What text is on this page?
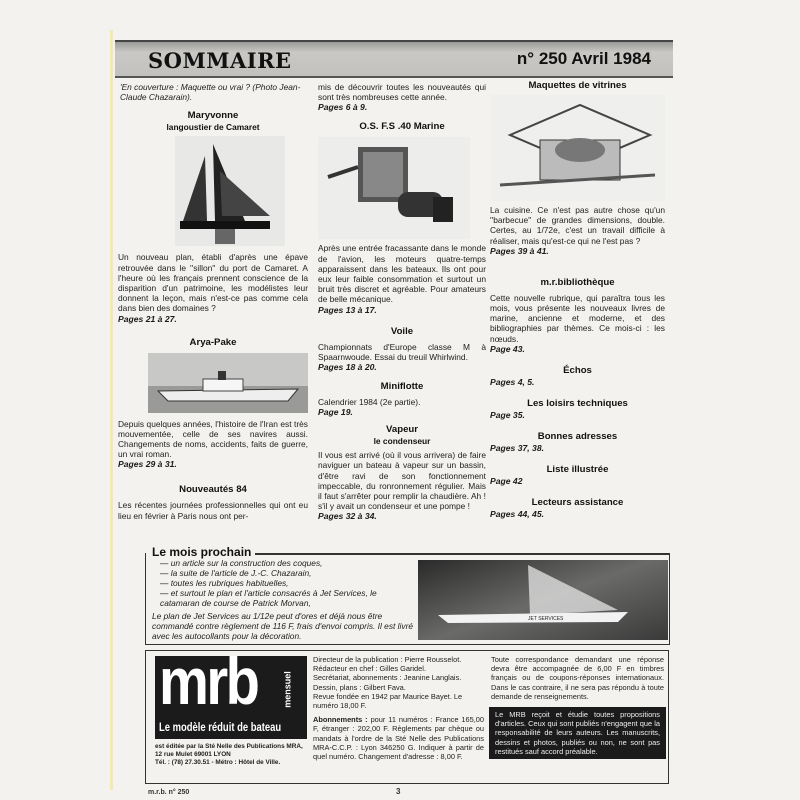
SOMMAIRE	n° 250 Avril 1984
'En couverture : Maquette ou vrai ? (Photo Jean-Claude Chazarain).
Maryvonne
langoustier de Camaret
Un nouveau plan, établi d'après une épave retrouvée dans le ''sillon'' du port de Camaret. A l'heure où les français prennent conscience de la disparition d'un patrimoine, les modélistes leur donnent la leçon, mais n'est-ce pas comme cela dans bien des domaines ?
Pages 21 à 27.
Arya-Pake
Depuis quelques années, l'histoire de l'Iran est très mouvementée, celle de ses navires aussi. Changements de noms, accidents, faits de guerre, un vrai roman.
Pages 29 à 31.
Nouveautés 84
Les récentes journées professionnelles qui ont eu lieu en février à Paris nous ont per-
mis de découvrir toutes les nouveautés qui sont très nombreuses cette année.
Pages 6 à 9.
O.S. F.S .40 Marine
Après une entrée fracassante dans le monde de l'avion, les moteurs quatre-temps apparaissent dans les bateaux. Ils ont pour eux leur faible consommation et surtout un bruit très discret et agréable. Pour amateurs de belle mécanique.
Pages 13 à 17.
Voile
Championnats d'Europe classe M à Spaarnwoude. Essai du treuil Whirlwind.
Pages 18 à 20.
Miniflotte
Calendrier 1984 (2e partie).
Page 19.
Vapeur
le condenseur
Il vous est arrivé (où il vous arrivera) de faire naviguer un bateau à vapeur sur un bassin, d'être ravi de son fonctionnement impeccable, du ronronnement régulier. Mais il faut s'arrêter pour remplir la chaudière. Ah ! s'il y avait un condenseur et une pompe !
Pages 32 à 34.
Maquettes de vitrines
La cuisine. Ce n'est pas autre chose qu'un ''barbecue'' de grandes dimensions, double. Certes, au 1/72e, c'est un travail difficile à réaliser, mais qu'est-ce qui ne l'est pas ?
Pages 39 à 41.
m.r.bibliothèque
Cette nouvelle rubrique, qui paraîtra tous les mois, vous présente les nouveaux livres de marine, ancienne et moderne, et des bibliographies par thèmes. Ce mois-ci : les nœuds.
Page 43.
Échos
Pages 4, 5.
Les loisirs techniques
Page 35.
Bonnes adresses
Pages 37, 38.
Liste illustrée
Page 42
Lecteurs assistance
Pages 44, 45.
Le mois prochain
— un article sur la construction des coques,
— la suite de l'article de J.-C. Chazarain,
— toutes les rubriques habituelles,
— et surtout le plan et l'article consacrés à Jet Services, le catamaran de course de Patrick Morvan,
Le plan de Jet Services au 1/12e peut d'ores et déjà nous être commandé contre règlement de 116 F, frais d'envoi compris. Il est livré avec les autocollants pour la décoration.
JET SERVICES
mrb	mensuel
Le modèle réduit de bateau
est éditée par la Sté Nelle des Publications MRA, 12 rue Mulet 69001 LYON
Tél. : (78) 27.30.51 - Métro : Hôtel de Ville.
Directeur de la publication : Pierre Rousselot.
Rédacteur en chef : Gilles Garidel.
Secrétariat, abonnements : Jeanine Langlais.
Dessin, plans : Gilbert Fava.
Revue fondée en 1942 par Maurice Bayet. Le numéro 18,00 F.
Abonnements : pour 11 numéros : France 165,00 F, étranger : 202,00 F. Règlements par chèque ou mandats à l'ordre de la Sté Nelle des Publications MRA-C.C.P. : Lyon 346250 G. Indiquer à partir de quel numéro. Changement d'adresse : 8,00 F.
Toute correspondance demandant une réponse devra être accompagnée de 6,00 F en timbres français ou de coupons-réponses internationaux. Dans le cas contraire, il ne sera pas répondu à toute demande de renseignements.
Le MRB reçoit et étudie toutes propositions d'articles. Ceux qui sont publiés n'engagent que la responsabilité de leurs auteurs. Les manuscrits, dessins et photos, publiés ou non, ne sont pas restitués sauf accord préalable.
m.r.b. n° 250	3
